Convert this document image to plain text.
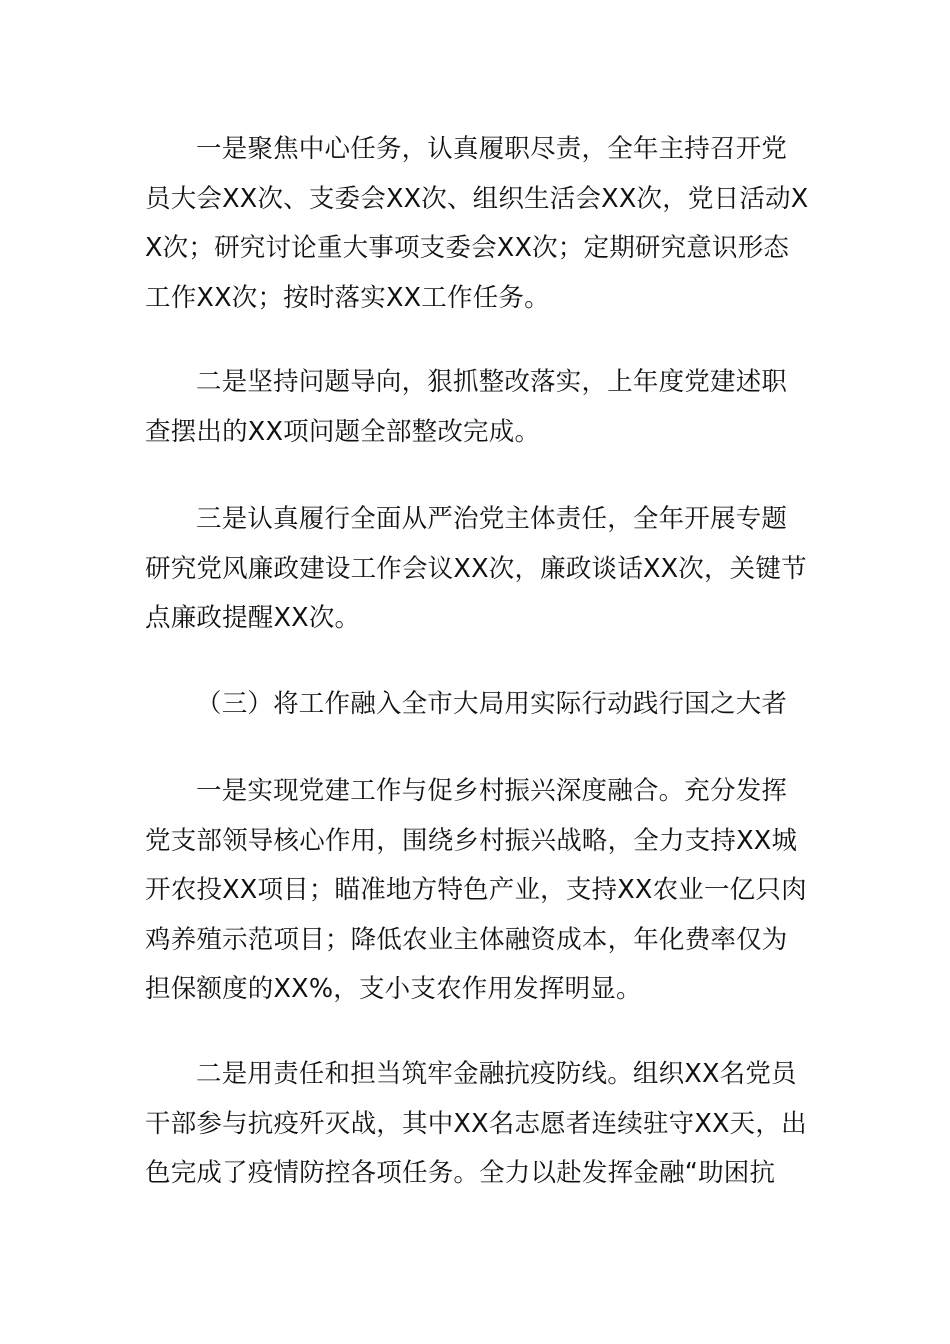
一是聚焦中心任务，认真履职尽责，全年主持召开党员大会XX次、支委会XX次、组织生活会XX次，党日活动XX次；研究讨论重大事项支委会XX次；定期研究意识形态工作XX次；按时落实XX工作任务。

二是坚持问题导向，狠抓整改落实，上年度党建述职查摆出的XX项问题全部整改完成。

三是认真履行全面从严治党主体责任，全年开展专题研究党风廉政建设工作会议XX次，廉政谈话XX次，关键节点廉政提醒XX次。

（三）将工作融入全市大局用实际行动践行国之大者

一是实现党建工作与促乡村振兴深度融合。充分发挥党支部领导核心作用，围绕乡村振兴战略，全力支持XX城开农投XX项目；瞄准地方特色产业，支持XX农业一亿只肉鸡养殖示范项目；降低农业主体融资成本，年化费率仅为担保额度的XX%，支小支农作用发挥明显。

二是用责任和担当筑牢金融抗疫防线。组织XX名党员干部参与抗疫歼灭战，其中XX名志愿者连续驻守XX天，出色完成了疫情防控各项任务。全力以赴发挥金融“助困抗
